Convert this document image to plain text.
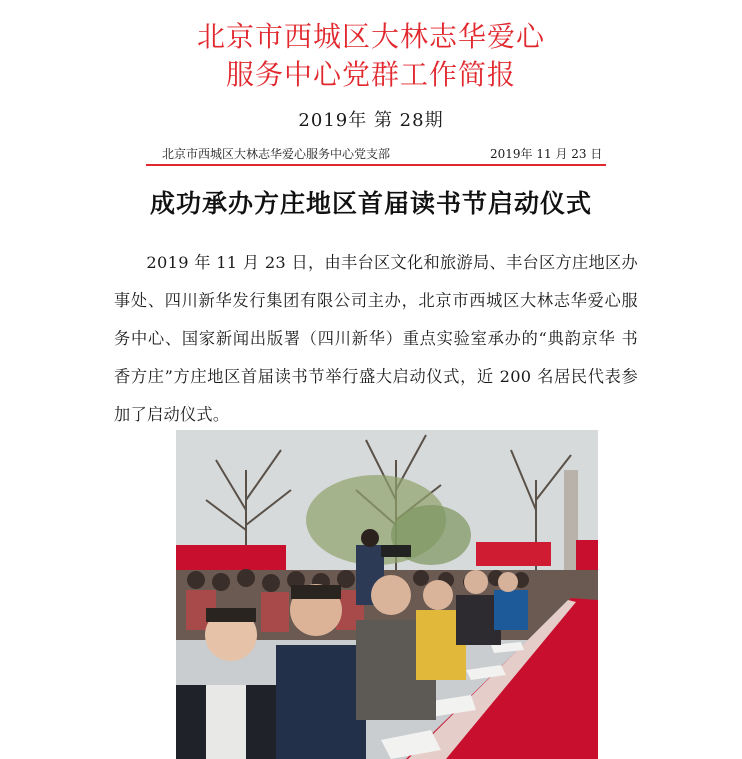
北京市西城区大林志华爱心
服务中心党群工作简报
2019年 第 28期
北京市西城区大林志华爱心服务中心党支部	2019年 11 月 23 日
成功承办方庄地区首届读书节启动仪式
2019 年 11 月 23 日，由丰台区文化和旅游局、丰台区方庄地区办事处、四川新华发行集团有限公司主办，北京市西城区大林志华爱心服务中心、国家新闻出版署（四川新华）重点实验室承办的“典韵京华 书香方庄”方庄地区首届读书节举行盛大启动仪式，近 200 名居民代表参加了启动仪式。
